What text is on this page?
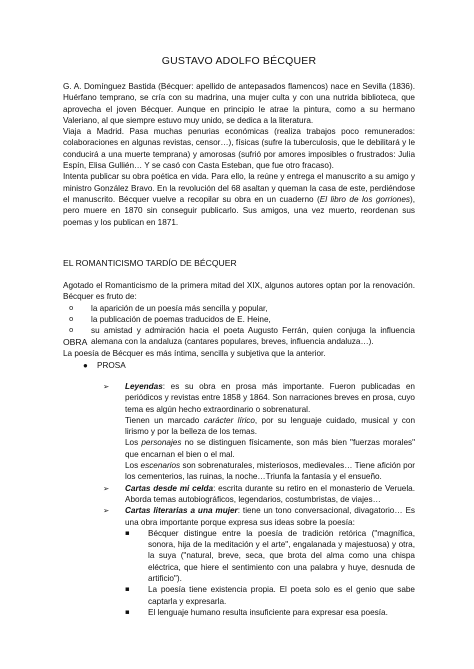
GUSTAVO ADOLFO BÉCQUER

G. A. Domínguez Bastida (Bécquer: apellido de antepasados flamencos) nace en Sevilla (1836). Huérfano temprano, se cría con su madrina, una mujer culta y con una nutrida biblioteca, que aprovecha el joven Bécquer. Aunque en principio le atrae la pintura, como a su hermano Valeriano, al que siempre estuvo muy unido, se dedica a la literatura.

Viaja a Madrid. Pasa muchas penurias económicas (realiza trabajos poco remunerados: colaboraciones en algunas revistas, censor…), físicas (sufre la tuberculosis, que le debilitará y le conducirá a una muerte temprana) y amorosas (sufrió por amores imposibles o frustrados: Julia Espín, Elisa Gullién… Y se casó con Casta Esteban, que fue otro fracaso).

Intenta publicar su obra poética en vida. Para ello, la reúne y entrega el manuscrito a su amigo y ministro González Bravo. En la revolución del 68 asaltan y queman la casa de este, perdiéndose el manuscrito. Bécquer vuelve a recopilar su obra en un cuaderno (El libro de los gorriones), pero muere en 1870 sin conseguir publicarlo. Sus amigos, una vez muerto, reordenan sus poemas y los publican en 1871.

EL ROMANTICISMO TARDÍO DE BÉCQUER

Agotado el Romanticismo de la primera mitad del XIX, algunos autores optan por la renovación. Bécquer es fruto de:

o la aparición de un poesía más sencilla y popular,
o la publicación de poemas traducidos de E. Heine,
o su amistad y admiración hacia el poeta Augusto Ferrán, quien conjuga la influencia alemana con la andaluza (cantares populares, breves, influencia andaluza…).

La poesía de Bécquer es más íntima, sencilla y subjetiva que la anterior.

OBRA
● PROSA
➢ Leyendas: es su obra en prosa más importante. Fueron publicadas en periódicos y revistas entre 1858 y 1864. Son narraciones breves en prosa, cuyo tema es algún hecho extraordinario o sobrenatural.
Tienen un marcado carácter lírico, por su lenguaje cuidado, musical y con lirismo y por la belleza de los temas.
Los personajes no se distinguen físicamente, son más bien "fuerzas morales" que encarnan el bien o el mal.
Los escenarios son sobrenaturales, misteriosos, medievales… Tiene afición por los cementerios, las ruinas, la noche…Triunfa la fantasía y el ensueño.
➢ Cartas desde mi celda: escrita durante su retiro en el monasterio de Veruela. Aborda temas autobiográficos, legendarios, costumbristas, de viajes…
➢ Cartas literarias a una mujer: tiene un tono conversacional, divagatorio… Es una obra importante porque expresa sus ideas sobre la poesía:
▪ Bécquer distingue entre la poesía de tradición retórica ("magnífica, sonora, hija de la meditación y el arte", engalanada y majestuosa) y otra, la suya ("natural, breve, seca, que brota del alma como una chispa eléctrica, que hiere el sentimiento con una palabra y huye, desnuda de artificio").
▪ La poesía tiene existencia propia. El poeta solo es el genio que sabe captarla y expresarla.
▪ El lenguaje humano resulta insuficiente para expresar esa poesía.
